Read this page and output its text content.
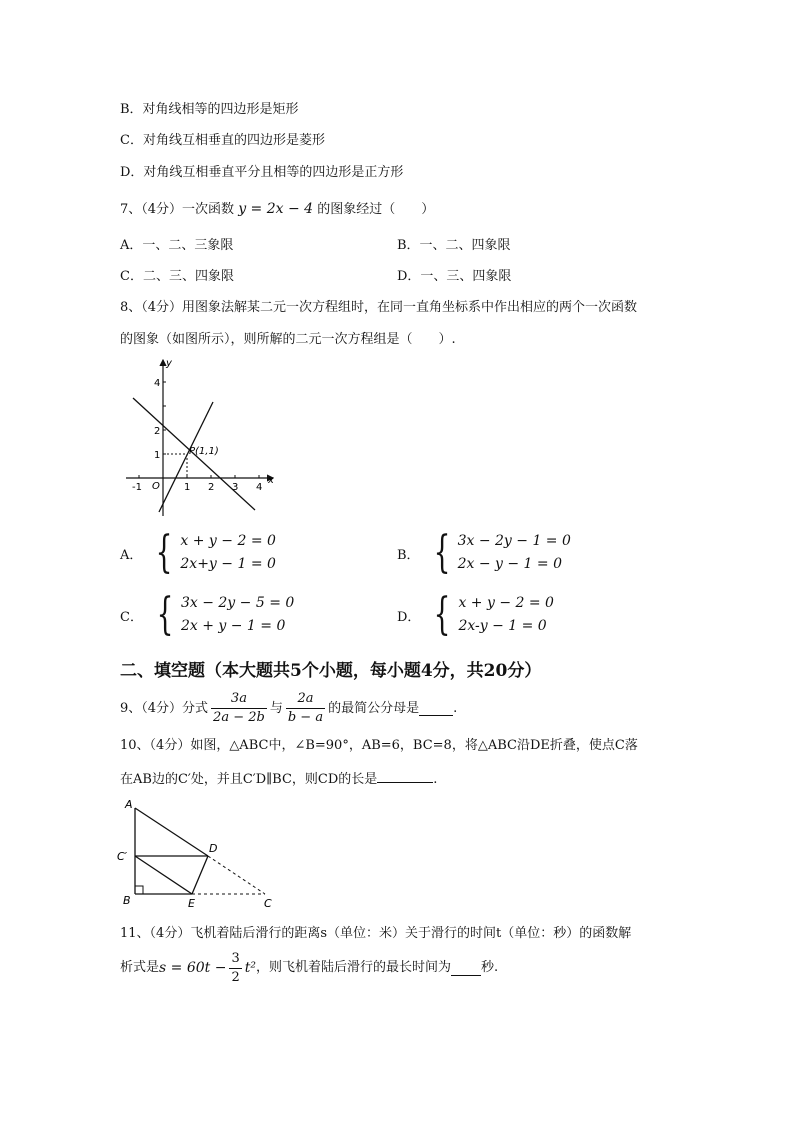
B．对角线相等的四边形是矩形
C．对角线互相垂直的四边形是菱形
D．对角线互相垂直平分且相等的四边形是正方形
7、（4分）一次函数 y = 2x − 4 的图象经过（　　）
A．一、二、三象限	B．一、二、四象限
C．二、三、四象限	D．一、三、四象限
8、（4分）用图象法解某二元一次方程组时，在同一直角坐标系中作出相应的两个一次函数
的图象（如图所示），则所解的二元一次方程组是（　　）.
x
y
O
-1	1 2 3 4
1
2
4
P(1,1)
A． { x + y − 2 = 0
2x+y − 1 = 0
B． { 3x − 2y − 1 = 0
2x − y − 1 = 0
C． { 3x − 2y − 5 = 0
2x + y − 1 = 0
D． { x + y − 2 = 0
2x-y − 1 = 0
二、填空题（本大题共5个小题，每小题4分，共20分）
9、（4分）分式 $\frac{3a}{2a - 2b}$ 与 $\frac{2a}{b - a}$ 的最简公分母是	.
10、（4分）如图，△ABC中，∠B=90°，AB=6，BC=8，将△ABC沿DE折叠，使点C落
在AB边的C′处，并且C′D∥BC，则CD的长是	.
A
C′
B
D
E	C
11、（4分）飞机着陆后滑行的距离s（单位：米）关于滑行的时间t（单位：秒）的函数解
析式是 $s = 60t - \frac{3}{2} t^2$ ，则飞机着陆后滑行的最长时间为 秒.
